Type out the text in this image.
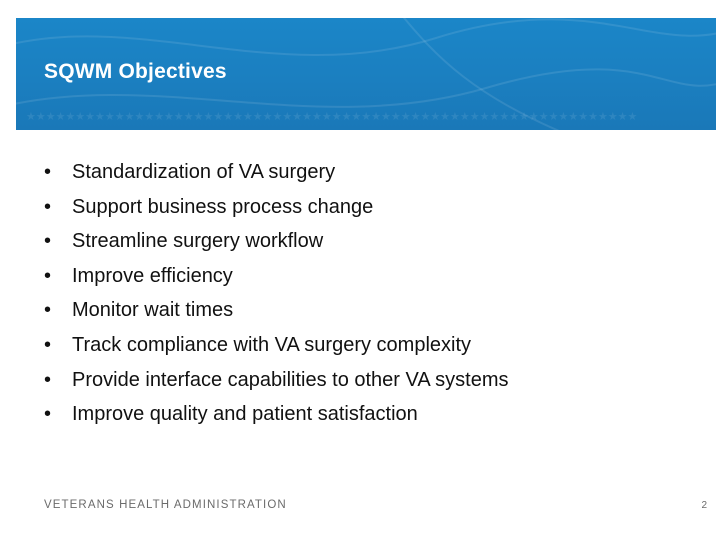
★★★★★★★★★★★★★★★★★★★★★★★★★★★★★★★★★★★★★★★★★★★★★★★★★★★★★★★★★★★★★★
SQWM Objectives
• Standardization of VA surgery
• Support business process change
• Streamline surgery workflow
• Improve efficiency
• Monitor wait times
• Track compliance with VA surgery complexity
• Provide interface capabilities to other VA systems
• Improve quality and patient satisfaction
VETERANS HEALTH ADMINISTRATION	2
